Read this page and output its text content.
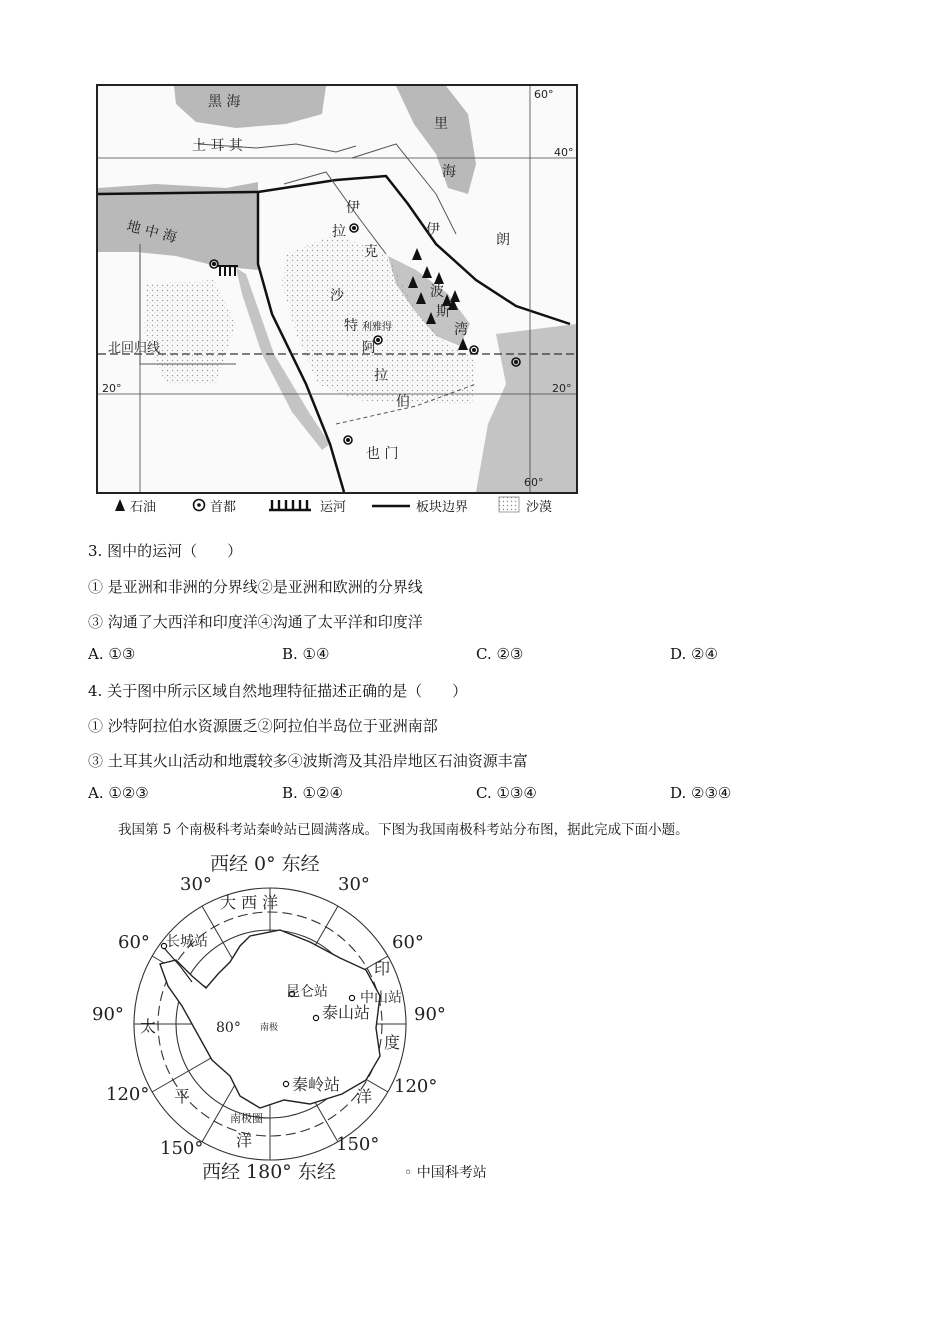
黑 海
土 耳 其
里
海
地 中 海
伊
拉
克
伊
朗
沙
特 利雅得
阿
拉
伯
波
斯
湾
也 门
北回归线
60°
40°
20°	20°
60°
石油	首都	运河	板块边界	沙漠
3. 图中的运河（　　）
① 是亚洲和非洲的分界线②是亚洲和欧洲的分界线
③ 沟通了大西洋和印度洋④沟通了太平洋和印度洋
A. ①③	B. ①④	C. ②③	D. ②④
4. 关于图中所示区域自然地理特征描述正确的是（　　）
① 沙特阿拉伯水资源匮乏②阿拉伯半岛位于亚洲南部
③ 土耳其火山活动和地震较多④波斯湾及其沿岸地区石油资源丰富
A. ①②③	B. ①②④	C. ①③④	D. ②③④
我国第 5 个南极科考站秦岭站已圆满落成。下图为我国南极科考站分布图，据此完成下面小题。
西经 0° 东经
西经 180° 东经
30°	30°
60°	60°
90°	90°
120°	120°
150°	150°
80°
大 西 洋
印
度
洋
太
平
洋
长城站
昆仑站 中山站
泰山站
秦岭站
南极
南极圈
◦ 中国科考站
